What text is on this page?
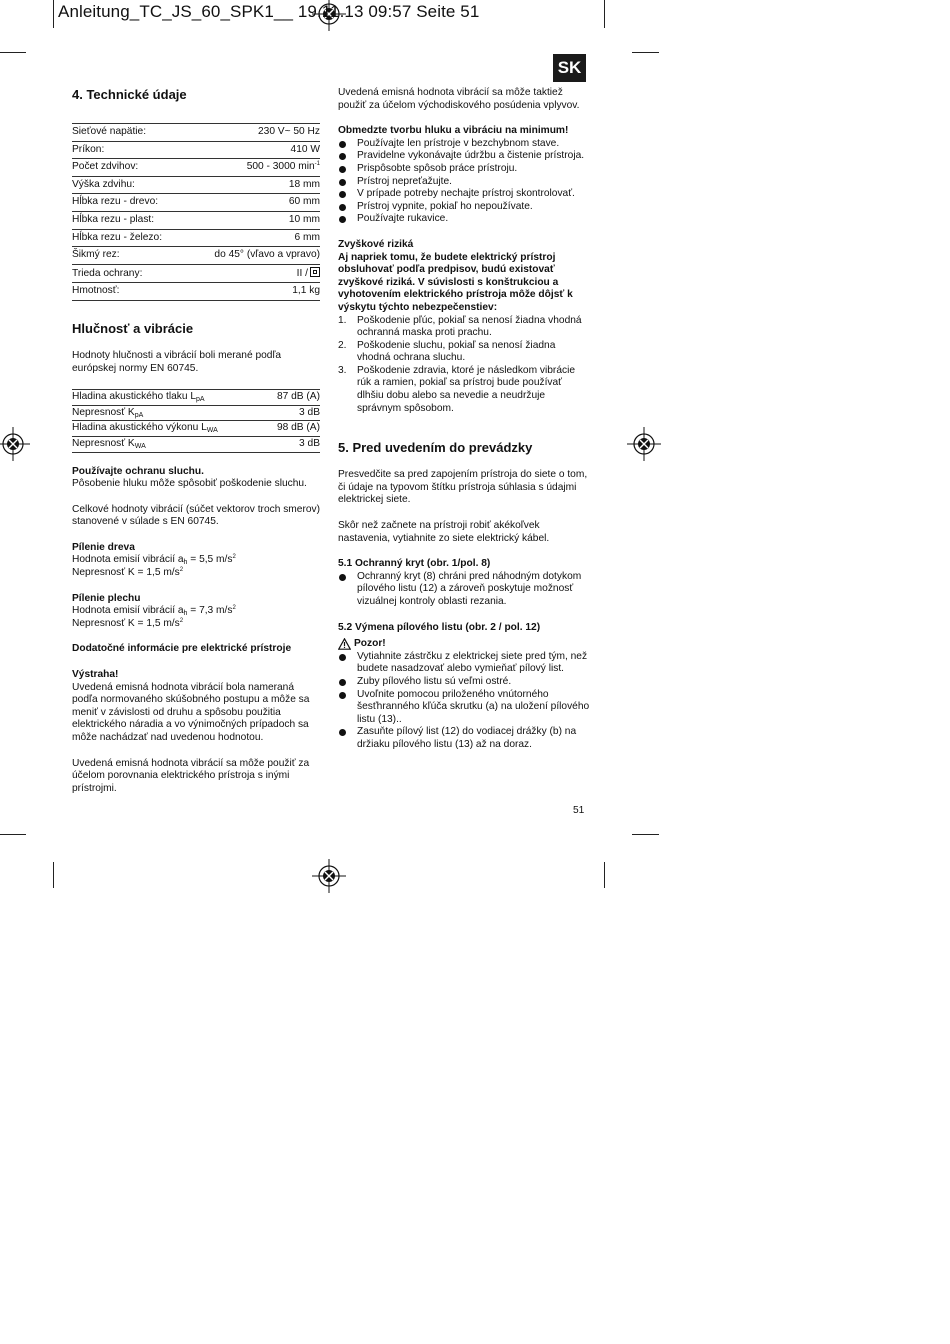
Anleitung_TC_JS_60_SPK1__ 19.11.13 09:57 Seite 51
SK
4. Technické údaje
Sieťové napätie:	230 V~ 50 Hz
Príkon:	410 W
Počet zdvihov:	500 - 3000 $\min^{-1}$
Výška zdvihu:	18 mm
Hĺbka rezu - drevo:	60 mm
Hĺbka rezu - plast:	10 mm
Hĺbka rezu - železo:	6 mm
Šikmý rez:	do 45° (vľavo a vpravo)
Trieda ochrany:	II /
Hmotnosť:	1,1 kg
Hlučnosť a vibrácie

Hodnoty hlučnosti a vibrácií boli merané podľa európskej normy EN 60745.

Hladina akustického tlaku $L_{pA}$	87 dB (A)
Nepresnosť $K_{pA}$	3 dB
Hladina akustického výkonu $L_{WA}$	98 dB (A)
Nepresnosť $K_{WA}$	3 dB
Používajte ochranu sluchu.

Pôsobenie hluku môže spôsobiť poškodenie sluchu.

Celkové hodnoty vibrácií (súčet vektorov troch smerov) stanovené v súlade s EN 60745.

Pílenie dreva

Hodnota emisií vibrácií $a_h = 5,5$ $m/s^2$

Nepresnosť K = 1,5 $m/s^2$

Pílenie plechu

Hodnota emisií vibrácií $a_h = 7,3$ $m/s^2$

Nepresnosť K = 1,5 $m/s^2$

Dodatočné informácie pre elektrické prístroje
Výstraha!

Uvedená emisná hodnota vibrácií bola nameraná podľa normovaného skúšobného postupu a môže sa meniť v závislosti od druhu a spôsobu použitia elektrického náradia a vo výnimočných prípadoch sa môže nachádzať nad uvedenou hodnotou.

Uvedená emisná hodnota vibrácií sa môže použiť za účelom porovnania elektrického prístroja s inými prístrojmi.

Uvedená emisná hodnota vibrácií sa môže taktiež použiť za účelom východiskového posúdenia vplyvov.

Obmedzte tvorbu hluku a vibráciu na minimum!
Používajte len prístroje v bezchybnom stave.
Pravidelne vykonávajte údržbu a čistenie prístroja.
Prispôsobte spôsob práce prístroju.
Prístroj nepreťažujte.
V prípade potreby nechajte prístroj skontrolovať.
Prístroj vypnite, pokiaľ ho nepoužívate.
Používajte rukavice.
Zvyškové riziká
Aj napriek tomu, že budete elektrický prístroj obsluhovať podľa predpisov, budú existovať zvyškové riziká. V súvislosti s konštrukciou a vyhotovením elektrického prístroja môže dôjsť k výskytu týchto nebezpečenstiev:
1. Poškodenie pľúc, pokiaľ sa nenosí žiadna vhodná ochranná maska proti prachu.
2. Poškodenie sluchu, pokiaľ sa nenosí žiadna vhodná ochrana sluchu.
3. Poškodenie zdravia, ktoré je následkom vibrácie rúk a ramien, pokiaľ sa prístroj bude používať dlhšiu dobu alebo sa nevedie a neudržuje správnym spôsobom.
5. Pred uvedením do prevádzky

Presvedčite sa pred zapojením prístroja do siete o tom, či údaje na typovom štítku prístroja súhlasia s údajmi elektrickej siete.

Skôr než začnete na prístroji robiť akékoľvek nastavenia, vytiahnite zo siete elektrický kábel.

5.1 Ochranný kryt (obr. 1/pol. 8)
Ochranný kryt (8) chráni pred náhodným dotykom pílového listu (12) a zároveň poskytuje možnosť vizuálnej kontroly oblasti rezania.
5.2 Výmena pílového listu (obr. 2 / pol. 12)
Pozor!
Vytiahnite zástrčku z elektrickej siete pred tým, než budete nasadzovať alebo vymieňať pílový list.
Zuby pílového listu sú veľmi ostré.
Uvoľnite pomocou priloženého vnútorného šesťhranného kľúča skrutku (a) na uložení pílového listu (13)..
Zasuňte pílový list (12) do vodiacej drážky (b) na držiaku pílového listu (13) až na doraz.
51
